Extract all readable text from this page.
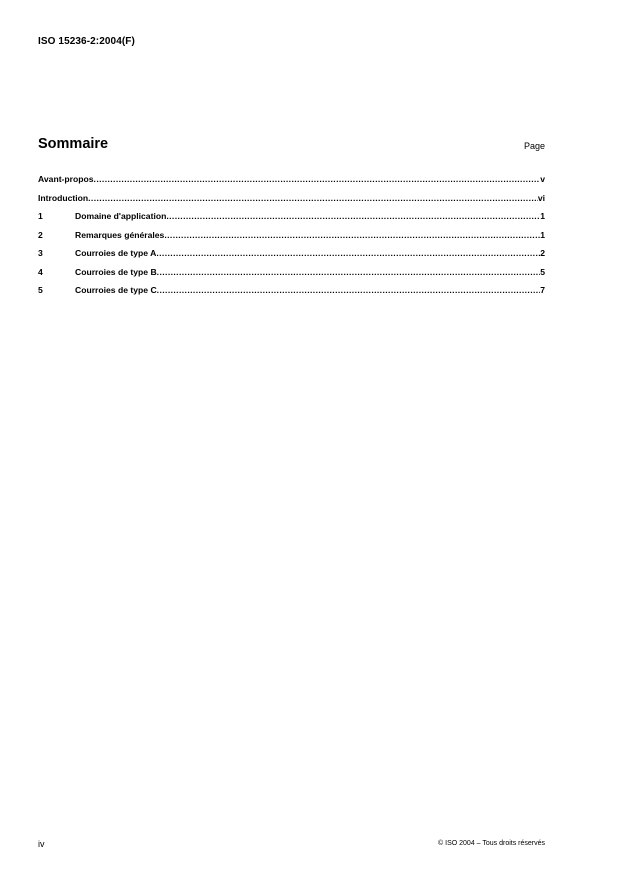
ISO 15236-2:2004(F)
Sommaire	Page
Avant-propos .....	v
Introduction .....	vi
1	Domaine d'application .....	1
2	Remarques générales .....	1
3	Courroies de type A .....	2
4	Courroies de type B .....	5
5	Courroies de type C .....	7
iv	© ISO 2004 – Tous droits réservés
